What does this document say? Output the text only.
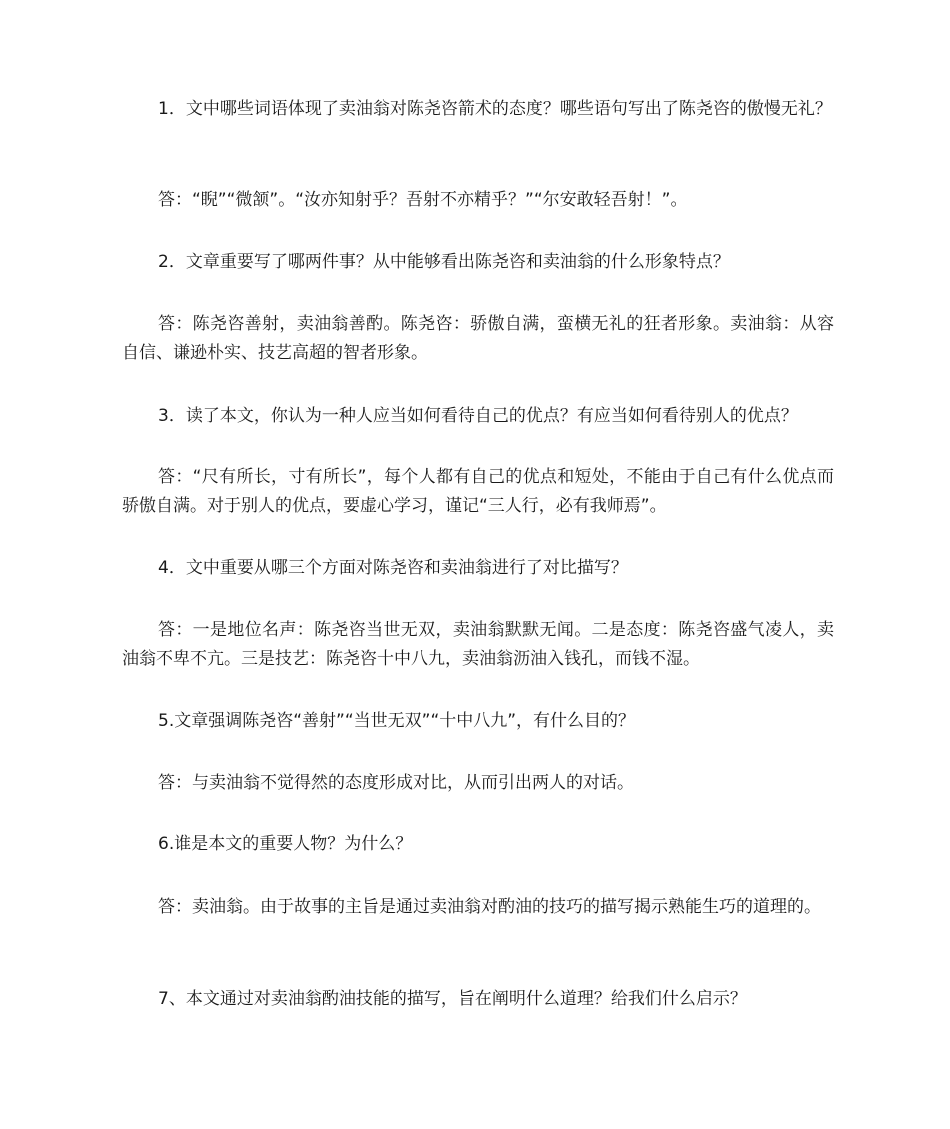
1．文中哪些词语体现了卖油翁对陈尧咨箭术的态度？哪些语句写出了陈尧咨的傲慢无礼？
答：“睨”“微颔”。“汝亦知射乎？吾射不亦精乎？”“尔安敢轻吾射！”。
2．文章重要写了哪两件事？从中能够看出陈尧咨和卖油翁的什么形象特点？
答：陈尧咨善射，卖油翁善酌。陈尧咨：骄傲自满，蛮横无礼的狂者形象。卖油翁：从容自信、谦逊朴实、技艺高超的智者形象。
3．读了本文，你认为一种人应当如何看待自己的优点？有应当如何看待别人的优点？
答：“尺有所长，寸有所长”，每个人都有自己的优点和短处，不能由于自己有什么优点而骄傲自满。对于别人的优点，要虚心学习，谨记“三人行，必有我师焉”。
4．文中重要从哪三个方面对陈尧咨和卖油翁进行了对比描写？
答：一是地位名声：陈尧咨当世无双，卖油翁默默无闻。二是态度：陈尧咨盛气凌人，卖油翁不卑不亢。三是技艺：陈尧咨十中八九，卖油翁沥油入钱孔，而钱不湿。
5.文章强调陈尧咨“善射”“当世无双”“十中八九”，有什么目的？
答：与卖油翁不觉得然的态度形成对比，从而引出两人的对话。
6.谁是本文的重要人物？为什么？
答：卖油翁。由于故事的主旨是通过卖油翁对酌油的技巧的描写揭示熟能生巧的道理的。
7、本文通过对卖油翁酌油技能的描写，旨在阐明什么道理？给我们什么启示？
